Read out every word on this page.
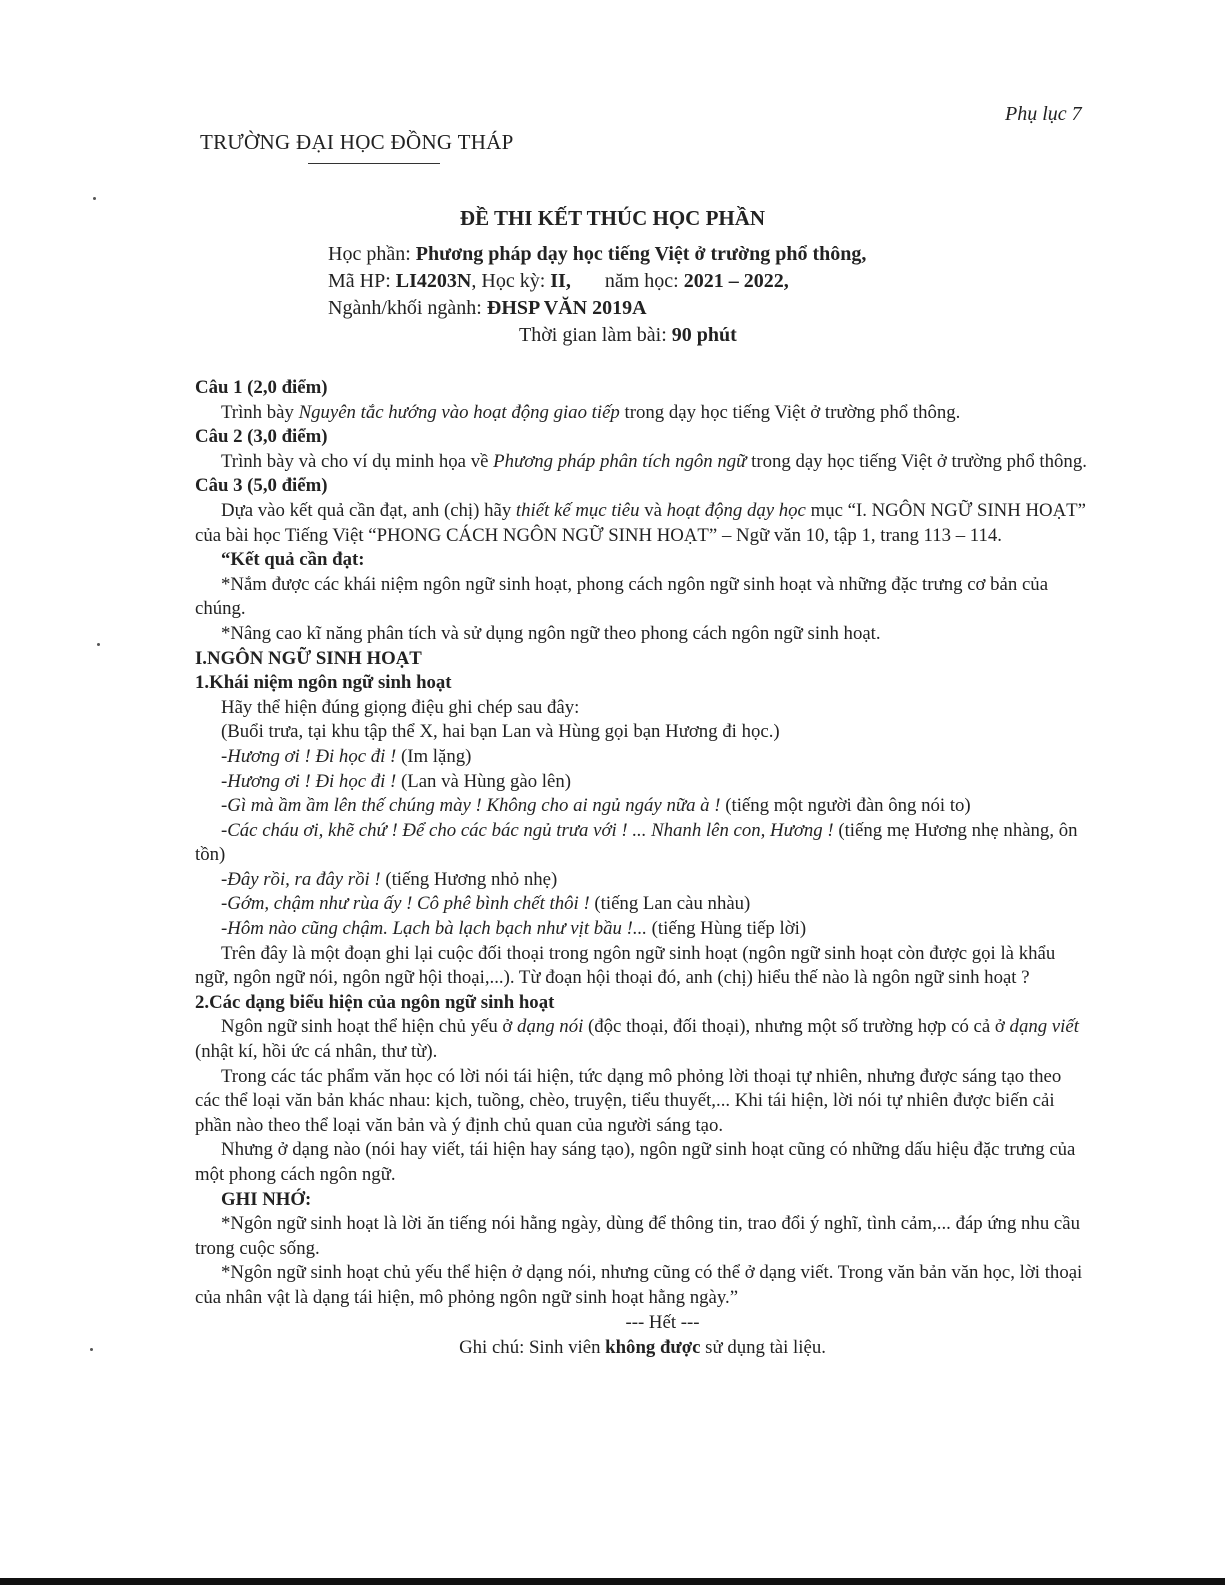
Phụ lục 7
TRƯỜNG ĐẠI HỌC ĐỒNG THÁP
ĐỀ THI KẾT THÚC HỌC PHẦN
Học phần: Phương pháp dạy học tiếng Việt ở trường phổ thông,
Mã HP: LI4203N, Học kỳ: II, năm học: 2021 – 2022,
Ngành/khối ngành: ĐHSP VĂN 2019A
Thời gian làm bài: 90 phút

Câu 1 (2,0 điểm)

Trình bày Nguyên tắc hướng vào hoạt động giao tiếp trong dạy học tiếng Việt ở trường phổ thông.

Câu 2 (3,0 điểm)

Trình bày và cho ví dụ minh họa về Phương pháp phân tích ngôn ngữ trong dạy học tiếng Việt ở trường phổ thông.

Câu 3 (5,0 điểm)

Dựa vào kết quả cần đạt, anh (chị) hãy thiết kế mục tiêu và hoạt động dạy học mục “I. NGÔN NGỮ SINH HOẠT” của bài học Tiếng Việt “PHONG CÁCH NGÔN NGỮ SINH HOẠT” – Ngữ văn 10, tập 1, trang 113 – 114.

“Kết quả cần đạt:

*Nắm được các khái niệm ngôn ngữ sinh hoạt, phong cách ngôn ngữ sinh hoạt và những đặc trưng cơ bản của chúng.

*Nâng cao kĩ năng phân tích và sử dụng ngôn ngữ theo phong cách ngôn ngữ sinh hoạt.

I.NGÔN NGỮ SINH HOẠT

1.Khái niệm ngôn ngữ sinh hoạt

Hãy thể hiện đúng giọng điệu ghi chép sau đây:

(Buổi trưa, tại khu tập thể X, hai bạn Lan và Hùng gọi bạn Hương đi học.)

-Hương ơi ! Đi học đi ! (Im lặng)

-Hương ơi ! Đi học đi ! (Lan và Hùng gào lên)

-Gì mà ầm ầm lên thế chúng mày ! Không cho ai ngủ ngáy nữa à ! (tiếng một người đàn ông nói to)

-Các cháu ơi, khẽ chứ ! Để cho các bác ngủ trưa với ! ... Nhanh lên con, Hương ! (tiếng mẹ Hương nhẹ nhàng, ôn tồn)

-Đây rồi, ra đây rồi ! (tiếng Hương nhỏ nhẹ)

-Gớm, chậm như rùa ấy ! Cô phê bình chết thôi ! (tiếng Lan càu nhàu)

-Hôm nào cũng chậm. Lạch bà lạch bạch như vịt bầu !... (tiếng Hùng tiếp lời)

Trên đây là một đoạn ghi lại cuộc đối thoại trong ngôn ngữ sinh hoạt (ngôn ngữ sinh hoạt còn được gọi là khẩu ngữ, ngôn ngữ nói, ngôn ngữ hội thoại,...). Từ đoạn hội thoại đó, anh (chị) hiểu thế nào là ngôn ngữ sinh hoạt ?

2.Các dạng biểu hiện của ngôn ngữ sinh hoạt

Ngôn ngữ sinh hoạt thể hiện chủ yếu ở dạng nói (độc thoại, đối thoại), nhưng một số trường hợp có cả ở dạng viết (nhật kí, hồi ức cá nhân, thư từ).

Trong các tác phẩm văn học có lời nói tái hiện, tức dạng mô phỏng lời thoại tự nhiên, nhưng được sáng tạo theo các thể loại văn bản khác nhau: kịch, tuồng, chèo, truyện, tiểu thuyết,... Khi tái hiện, lời nói tự nhiên được biến cải phần nào theo thể loại văn bản và ý định chủ quan của người sáng tạo.

Nhưng ở dạng nào (nói hay viết, tái hiện hay sáng tạo), ngôn ngữ sinh hoạt cũng có những dấu hiệu đặc trưng của một phong cách ngôn ngữ.

GHI NHỚ:

*Ngôn ngữ sinh hoạt là lời ăn tiếng nói hằng ngày, dùng để thông tin, trao đổi ý nghĩ, tình cảm,... đáp ứng nhu cầu trong cuộc sống.

*Ngôn ngữ sinh hoạt chủ yếu thể hiện ở dạng nói, nhưng cũng có thể ở dạng viết. Trong văn bản văn học, lời thoại của nhân vật là dạng tái hiện, mô phỏng ngôn ngữ sinh hoạt hằng ngày.”

--- Hết ---

Ghi chú: Sinh viên không được sử dụng tài liệu.
